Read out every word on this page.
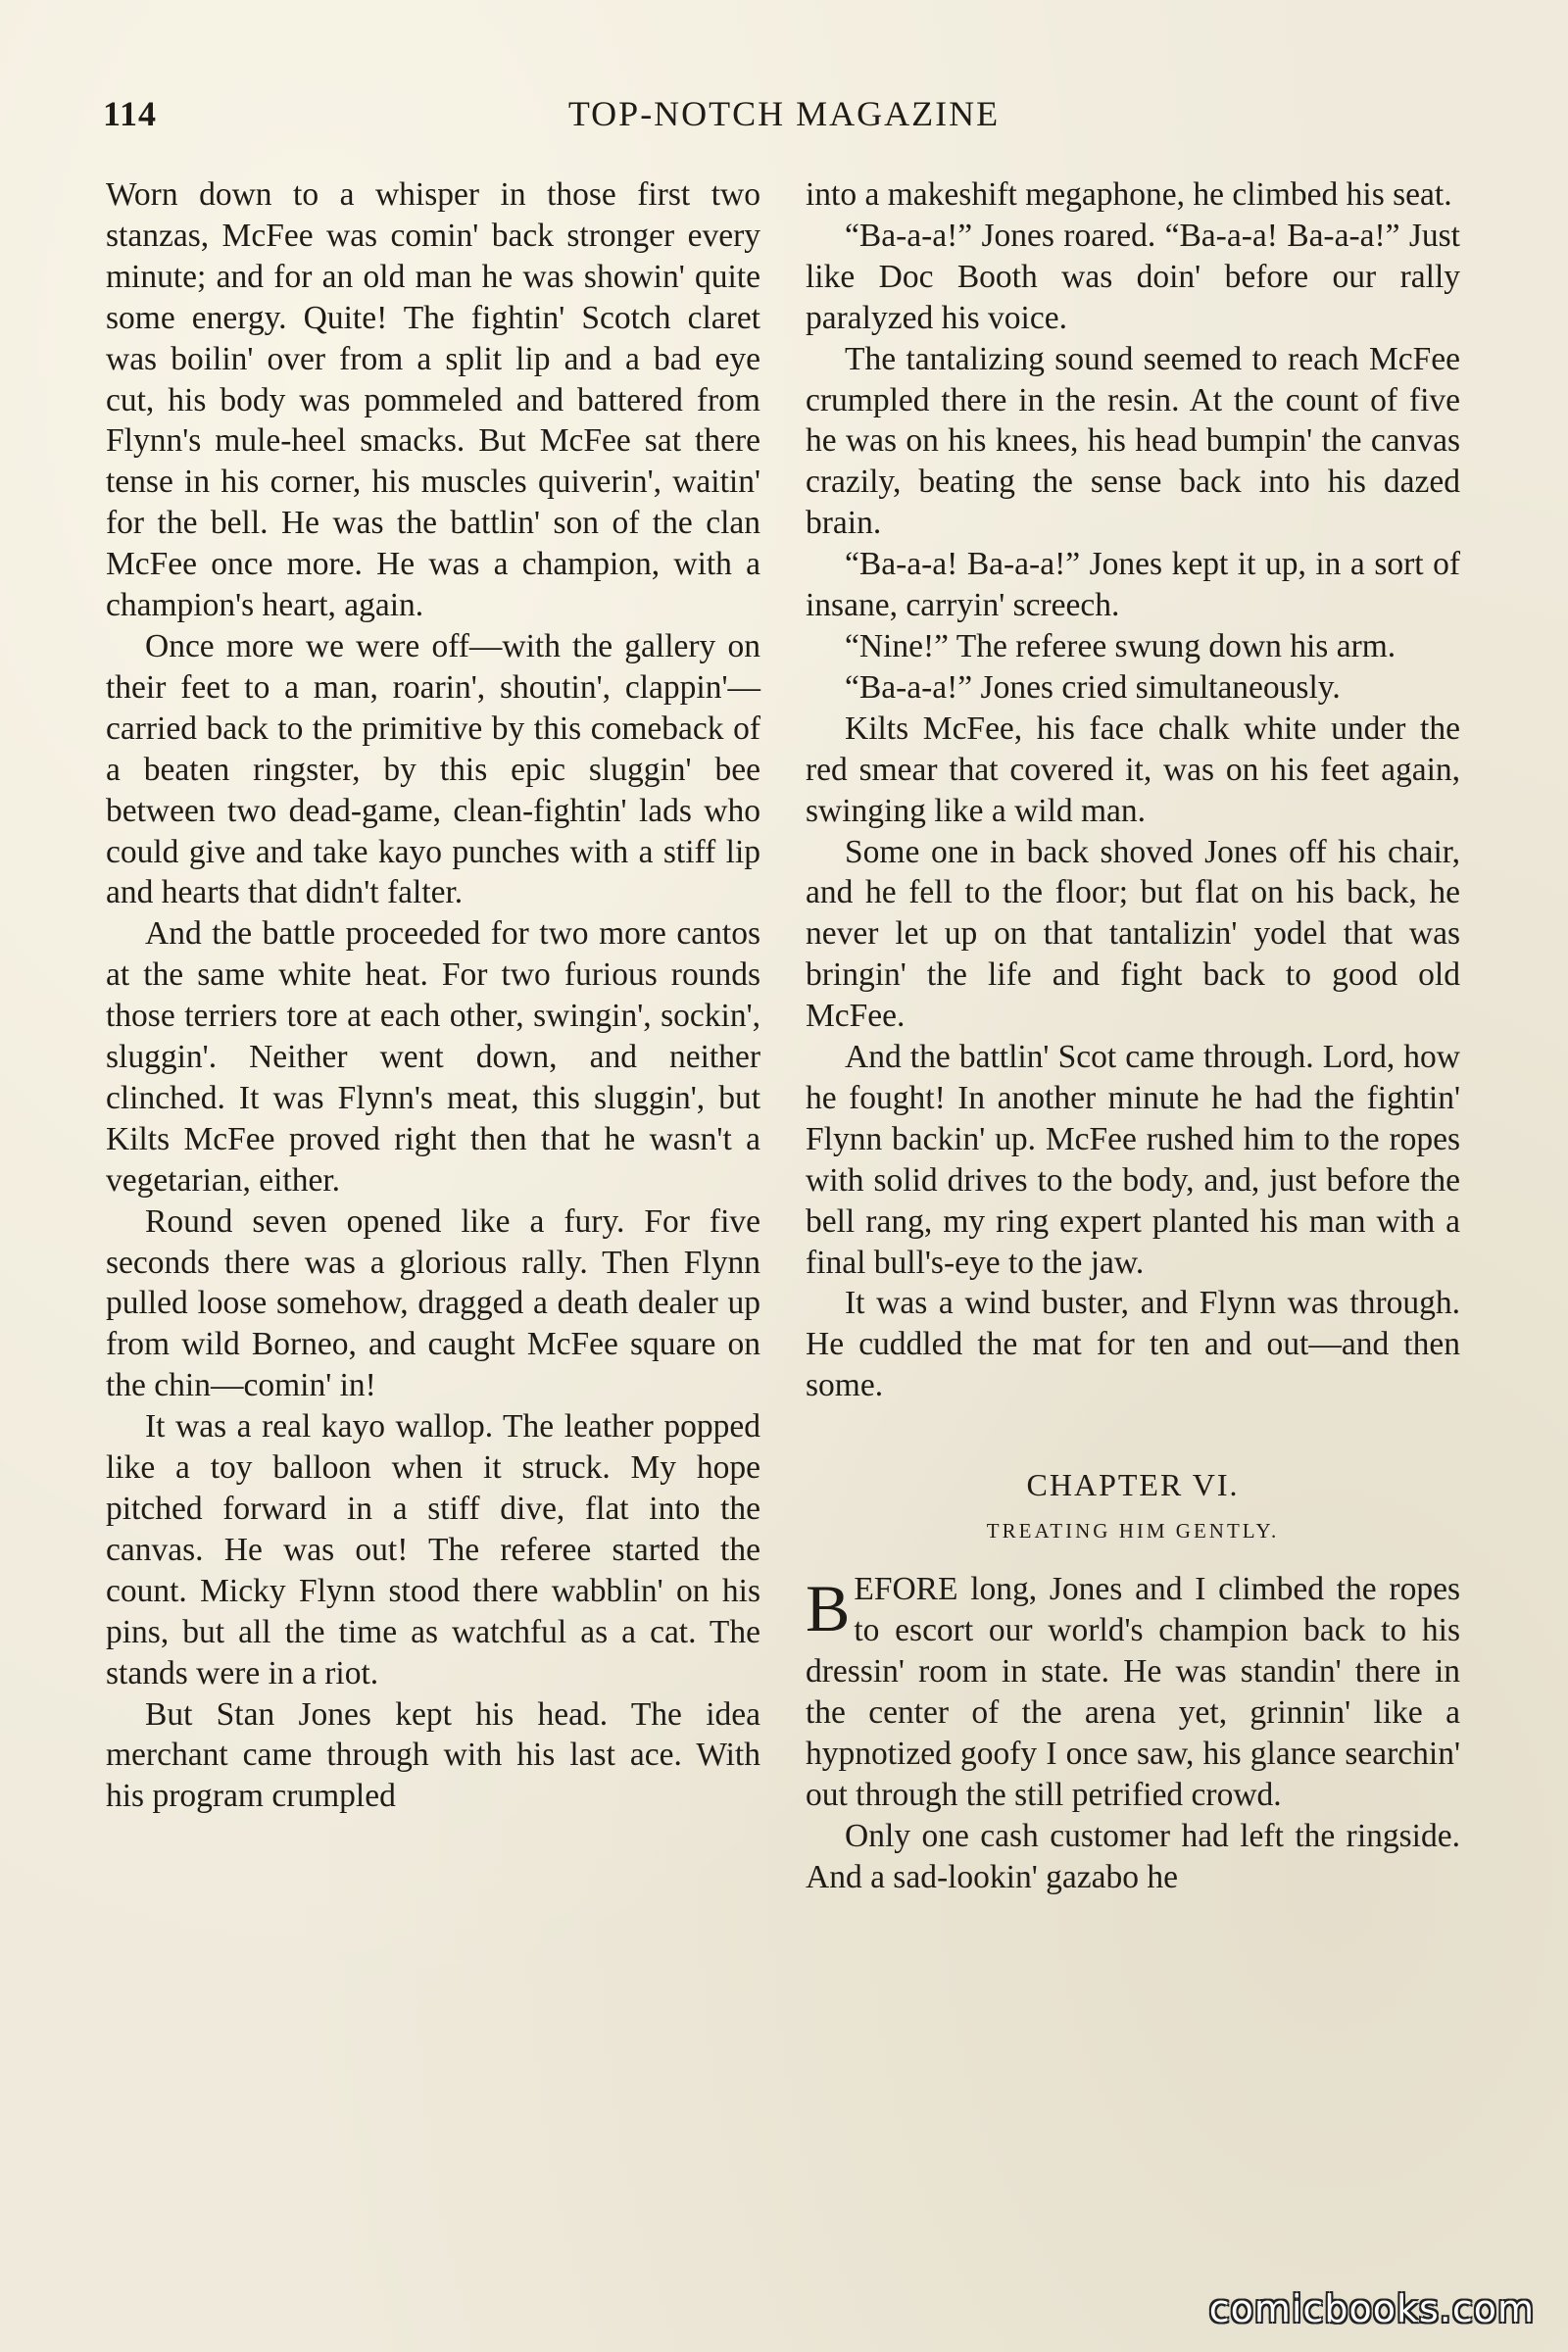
114	TOP-NOTCH MAGAZINE

Worn down to a whisper in those first two stanzas, McFee was comin' back stronger every minute; and for an old man he was showin' quite some energy. Quite! The fightin' Scotch claret was boilin' over from a split lip and a bad eye cut, his body was pommeled and battered from Flynn's mule-heel smacks. But McFee sat there tense in his corner, his muscles quiverin', waitin' for the bell. He was the battlin' son of the clan McFee once more. He was a champion, with a champion's heart, again.

Once more we were off—with the gallery on their feet to a man, roarin', shoutin', clappin'—carried back to the primitive by this comeback of a beaten ringster, by this epic sluggin' bee between two dead-game, clean-fightin' lads who could give and take kayo punches with a stiff lip and hearts that didn't falter.

And the battle proceeded for two more cantos at the same white heat. For two furious rounds those terriers tore at each other, swingin', sockin', sluggin'. Neither went down, and neither clinched. It was Flynn's meat, this sluggin', but Kilts McFee proved right then that he wasn't a vegetarian, either.

Round seven opened like a fury. For five seconds there was a glorious rally. Then Flynn pulled loose somehow, dragged a death dealer up from wild Borneo, and caught McFee square on the chin—comin' in!

It was a real kayo wallop. The leather popped like a toy balloon when it struck. My hope pitched forward in a stiff dive, flat into the canvas. He was out! The referee started the count. Micky Flynn stood there wabblin' on his pins, but all the time as watchful as a cat. The stands were in a riot.

But Stan Jones kept his head. The idea merchant came through with his last ace. With his program crumpled

into a makeshift megaphone, he climbed his seat.

“Ba-a-a!” Jones roared. “Ba-a-a! Ba-a-a!” Just like Doc Booth was doin' before our rally paralyzed his voice.

The tantalizing sound seemed to reach McFee crumpled there in the resin. At the count of five he was on his knees, his head bumpin' the canvas crazily, beating the sense back into his dazed brain.

“Ba-a-a! Ba-a-a!” Jones kept it up, in a sort of insane, carryin' screech.

“Nine!” The referee swung down his arm.

“Ba-a-a!” Jones cried simultaneously.

Kilts McFee, his face chalk white under the red smear that covered it, was on his feet again, swinging like a wild man.

Some one in back shoved Jones off his chair, and he fell to the floor; but flat on his back, he never let up on that tantalizin' yodel that was bringin' the life and fight back to good old McFee.

And the battlin' Scot came through. Lord, how he fought! In another minute he had the fightin' Flynn backin' up. McFee rushed him to the ropes with solid drives to the body, and, just before the bell rang, my ring expert planted his man with a final bull's-eye to the jaw.

It was a wind buster, and Flynn was through. He cuddled the mat for ten and out—and then some.

CHAPTER VI.
TREATING HIM GENTLY.

BEFORE long, Jones and I climbed the ropes to escort our world's champion back to his dressin' room in state. He was standin' there in the center of the arena yet, grinnin' like a hypnotized goofy I once saw, his glance searchin' out through the still petrified crowd.

Only one cash customer had left the ringside. And a sad-lookin' gazabo he

comicbooks.com
